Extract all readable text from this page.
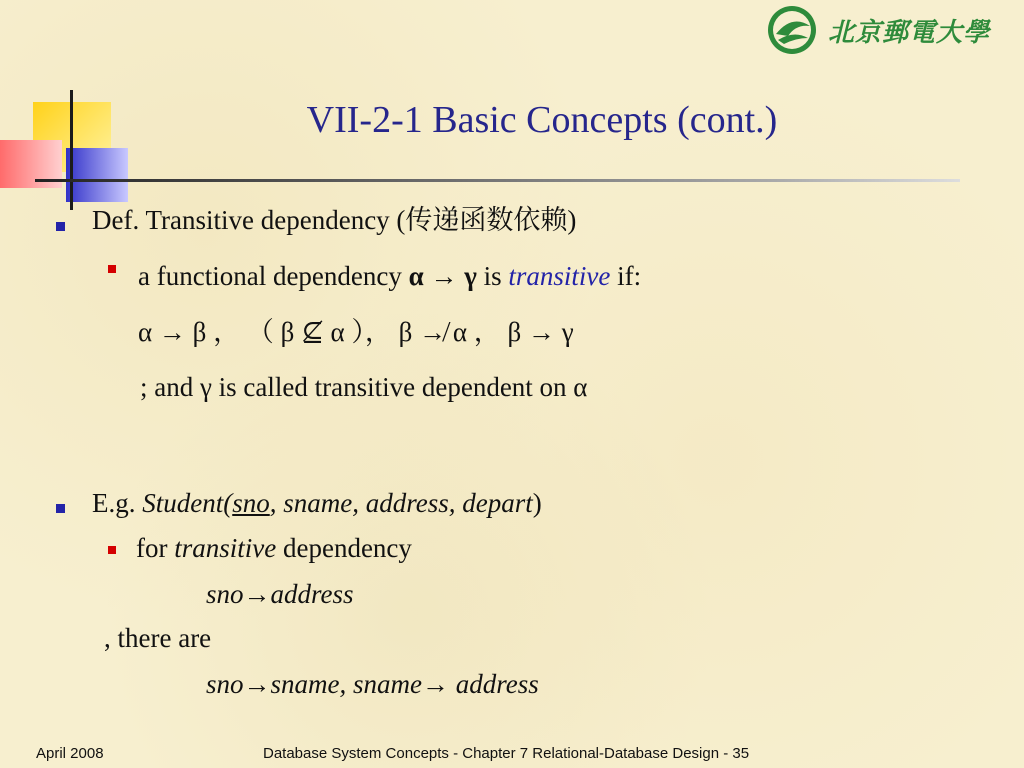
北京郵電大學
VII-2-1 Basic Concepts (cont.)
Def. Transitive dependency (传递函数依赖)
a functional dependency α → γ is transitive if:
α → β ， （ β ⊈ α ）， β ↛ α ， β → γ
; and γ is called transitive dependent on α
E.g. Student(sno, sname, address, depart)
for transitive dependency
sno→address
, there are
sno→sname, sname→ address
April 2008	Database System Concepts - Chapter 7 Relational-Database Design - 35
